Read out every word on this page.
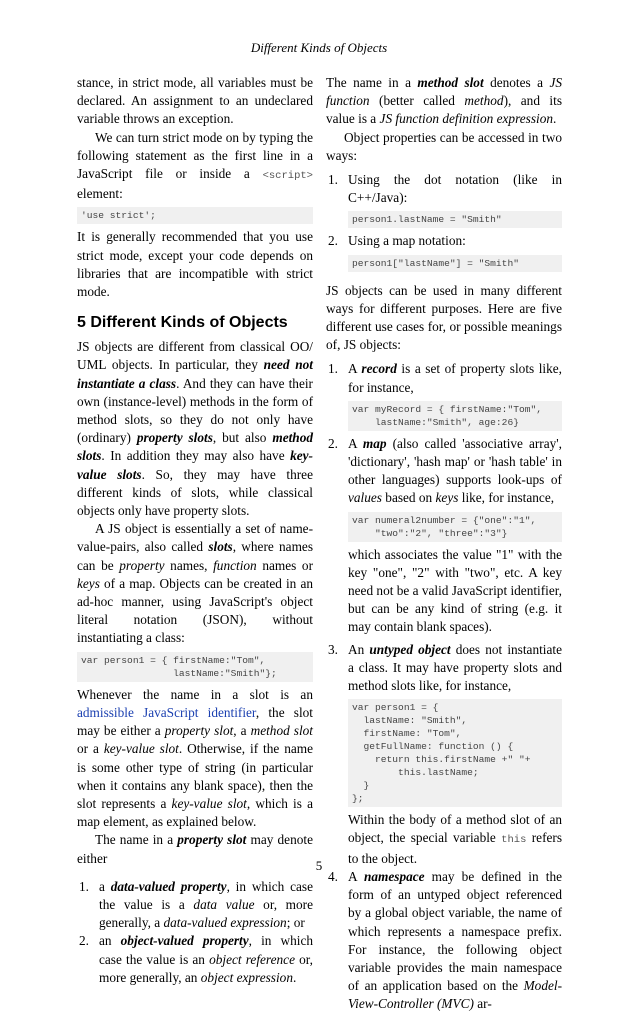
Different Kinds of Objects
stance, in strict mode, all variables must be declared. An assignment to an undeclared variable throws an exception.
We can turn strict mode on by typing the following statement as the first line in a JavaScript file or inside a <script> element:
'use strict';
It is generally recommended that you use strict mode, except your code depends on libraries that are incompatible with strict mode.
5 Different Kinds of Objects
JS objects are different from classical OO/ UML objects. In particular, they need not instantiate a class. And they can have their own (instance-level) methods in the form of method slots, so they do not only have (ordinary) property slots, but also method slots. In addition they may also have key-value slots. So, they may have three different kinds of slots, while classical objects only have property slots.
A JS object is essentially a set of name-value-pairs, also called slots, where names can be property names, function names or keys of a map. Objects can be created in an ad-hoc manner, using JavaScript's object literal notation (JSON), without instantiating a class:
var person1 = { firstName:"Tom",
lastName:"Smith"};
Whenever the name in a slot is an admissible JavaScript identifier, the slot may be either a property slot, a method slot or a key-value slot. Otherwise, if the name is some other type of string (in particular when it contains any blank space), then the slot represents a key-value slot, which is a map element, as explained below.
The name in a property slot may denote either
1. a data-valued property, in which case the value is a data value or, more generally, a data-valued expression; or
2. an object-valued property, in which case the value is an object reference or, more generally, an object expression.
The name in a method slot denotes a JS function (better called method), and its value is a JS function definition expression.
Object properties can be accessed in two ways:
1. Using the dot notation (like in C++/Java):
person1.lastName = "Smith"
2. Using a map notation:
person1["lastName"] = "Smith"
JS objects can be used in many different ways for different purposes. Here are five different use cases for, or possible meanings of, JS objects:
1. A record is a set of property slots like, for instance,
var myRecord = { firstName:"Tom",
lastName:"Smith", age:26}
2. A map (also called 'associative array', 'dictionary', 'hash map' or 'hash table' in other languages) supports look-ups of values based on keys like, for instance,
var numeral2number = {"one":"1",
"two":"2", "three":"3"}
which associates the value "1" with the key "one", "2" with "two", etc. A key need not be a valid JavaScript identifier, but can be any kind of string (e.g. it may contain blank spaces).
3. An untyped object does not instantiate a class. It may have property slots and method slots like, for instance,
var person1 = {
lastName: "Smith",
firstName: "Tom",
getFullName: function () {
return this.firstName +" "+
this.lastName;
}
};
Within the body of a method slot of an object, the special variable this refers to the object.
4. A namespace may be defined in the form of an untyped object referenced by a global object variable, the name of which represents a namespace prefix. For instance, the following object variable provides the main namespace of an application based on the Model-View-Controller (MVC) ar-
5
